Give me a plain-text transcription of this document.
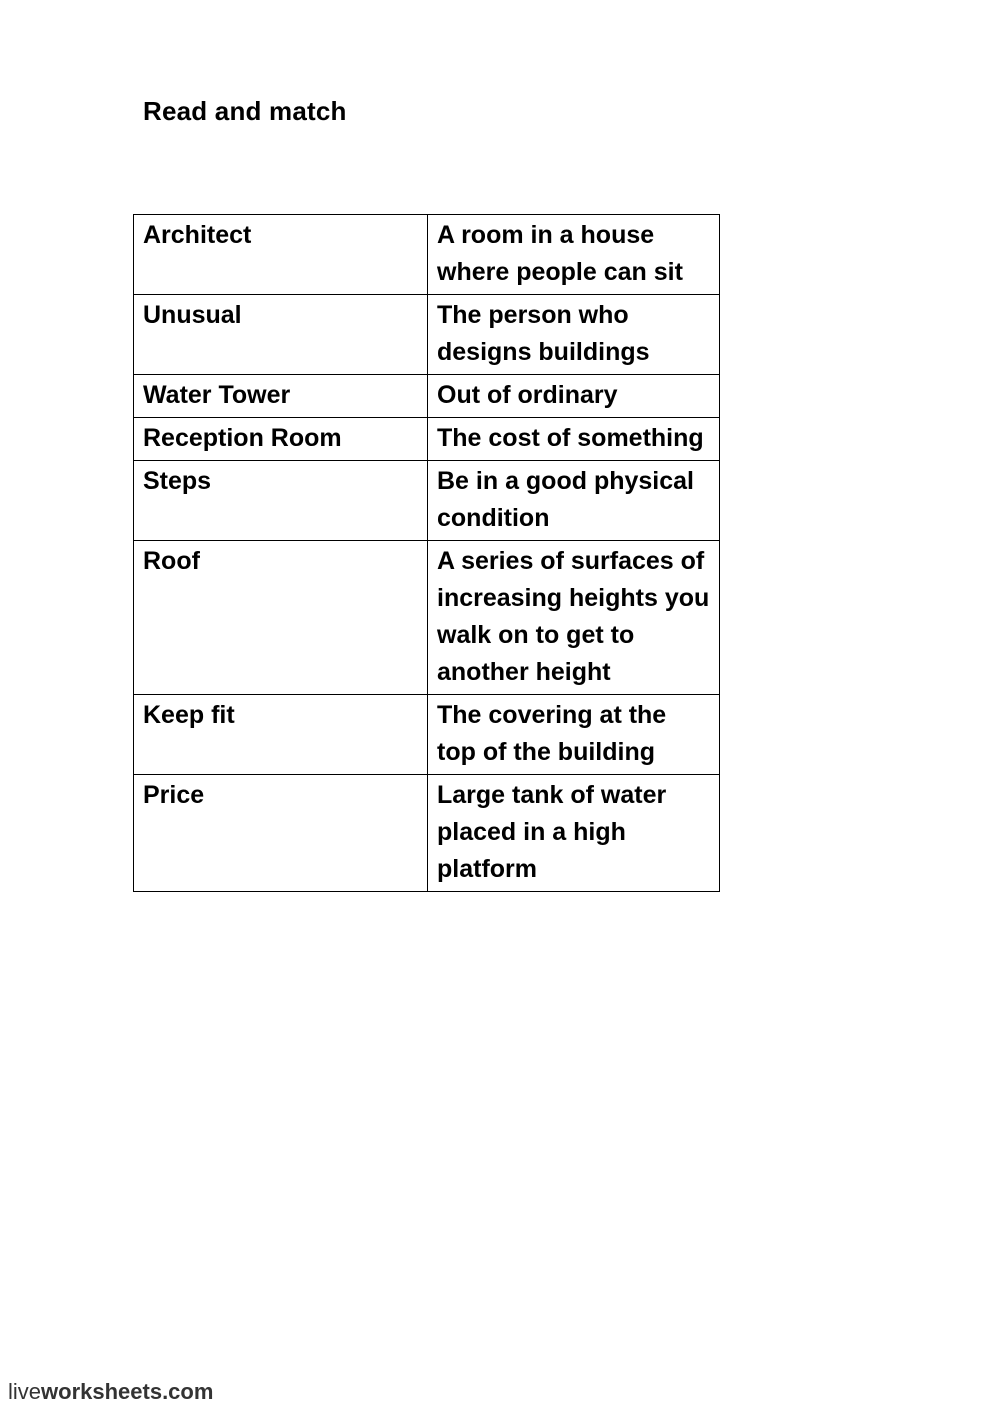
Read and match
Architect	A room in a house where people can sit
Unusual	The person who designs buildings
Water Tower	Out of ordinary
Reception Room	The cost of something
Steps	Be in a good physical condition
Roof	A series of surfaces of increasing heights you walk on to get to another height
Keep fit	The covering at the top of the building
Price	Large tank of water placed in a high platform
liveworksheets.com
